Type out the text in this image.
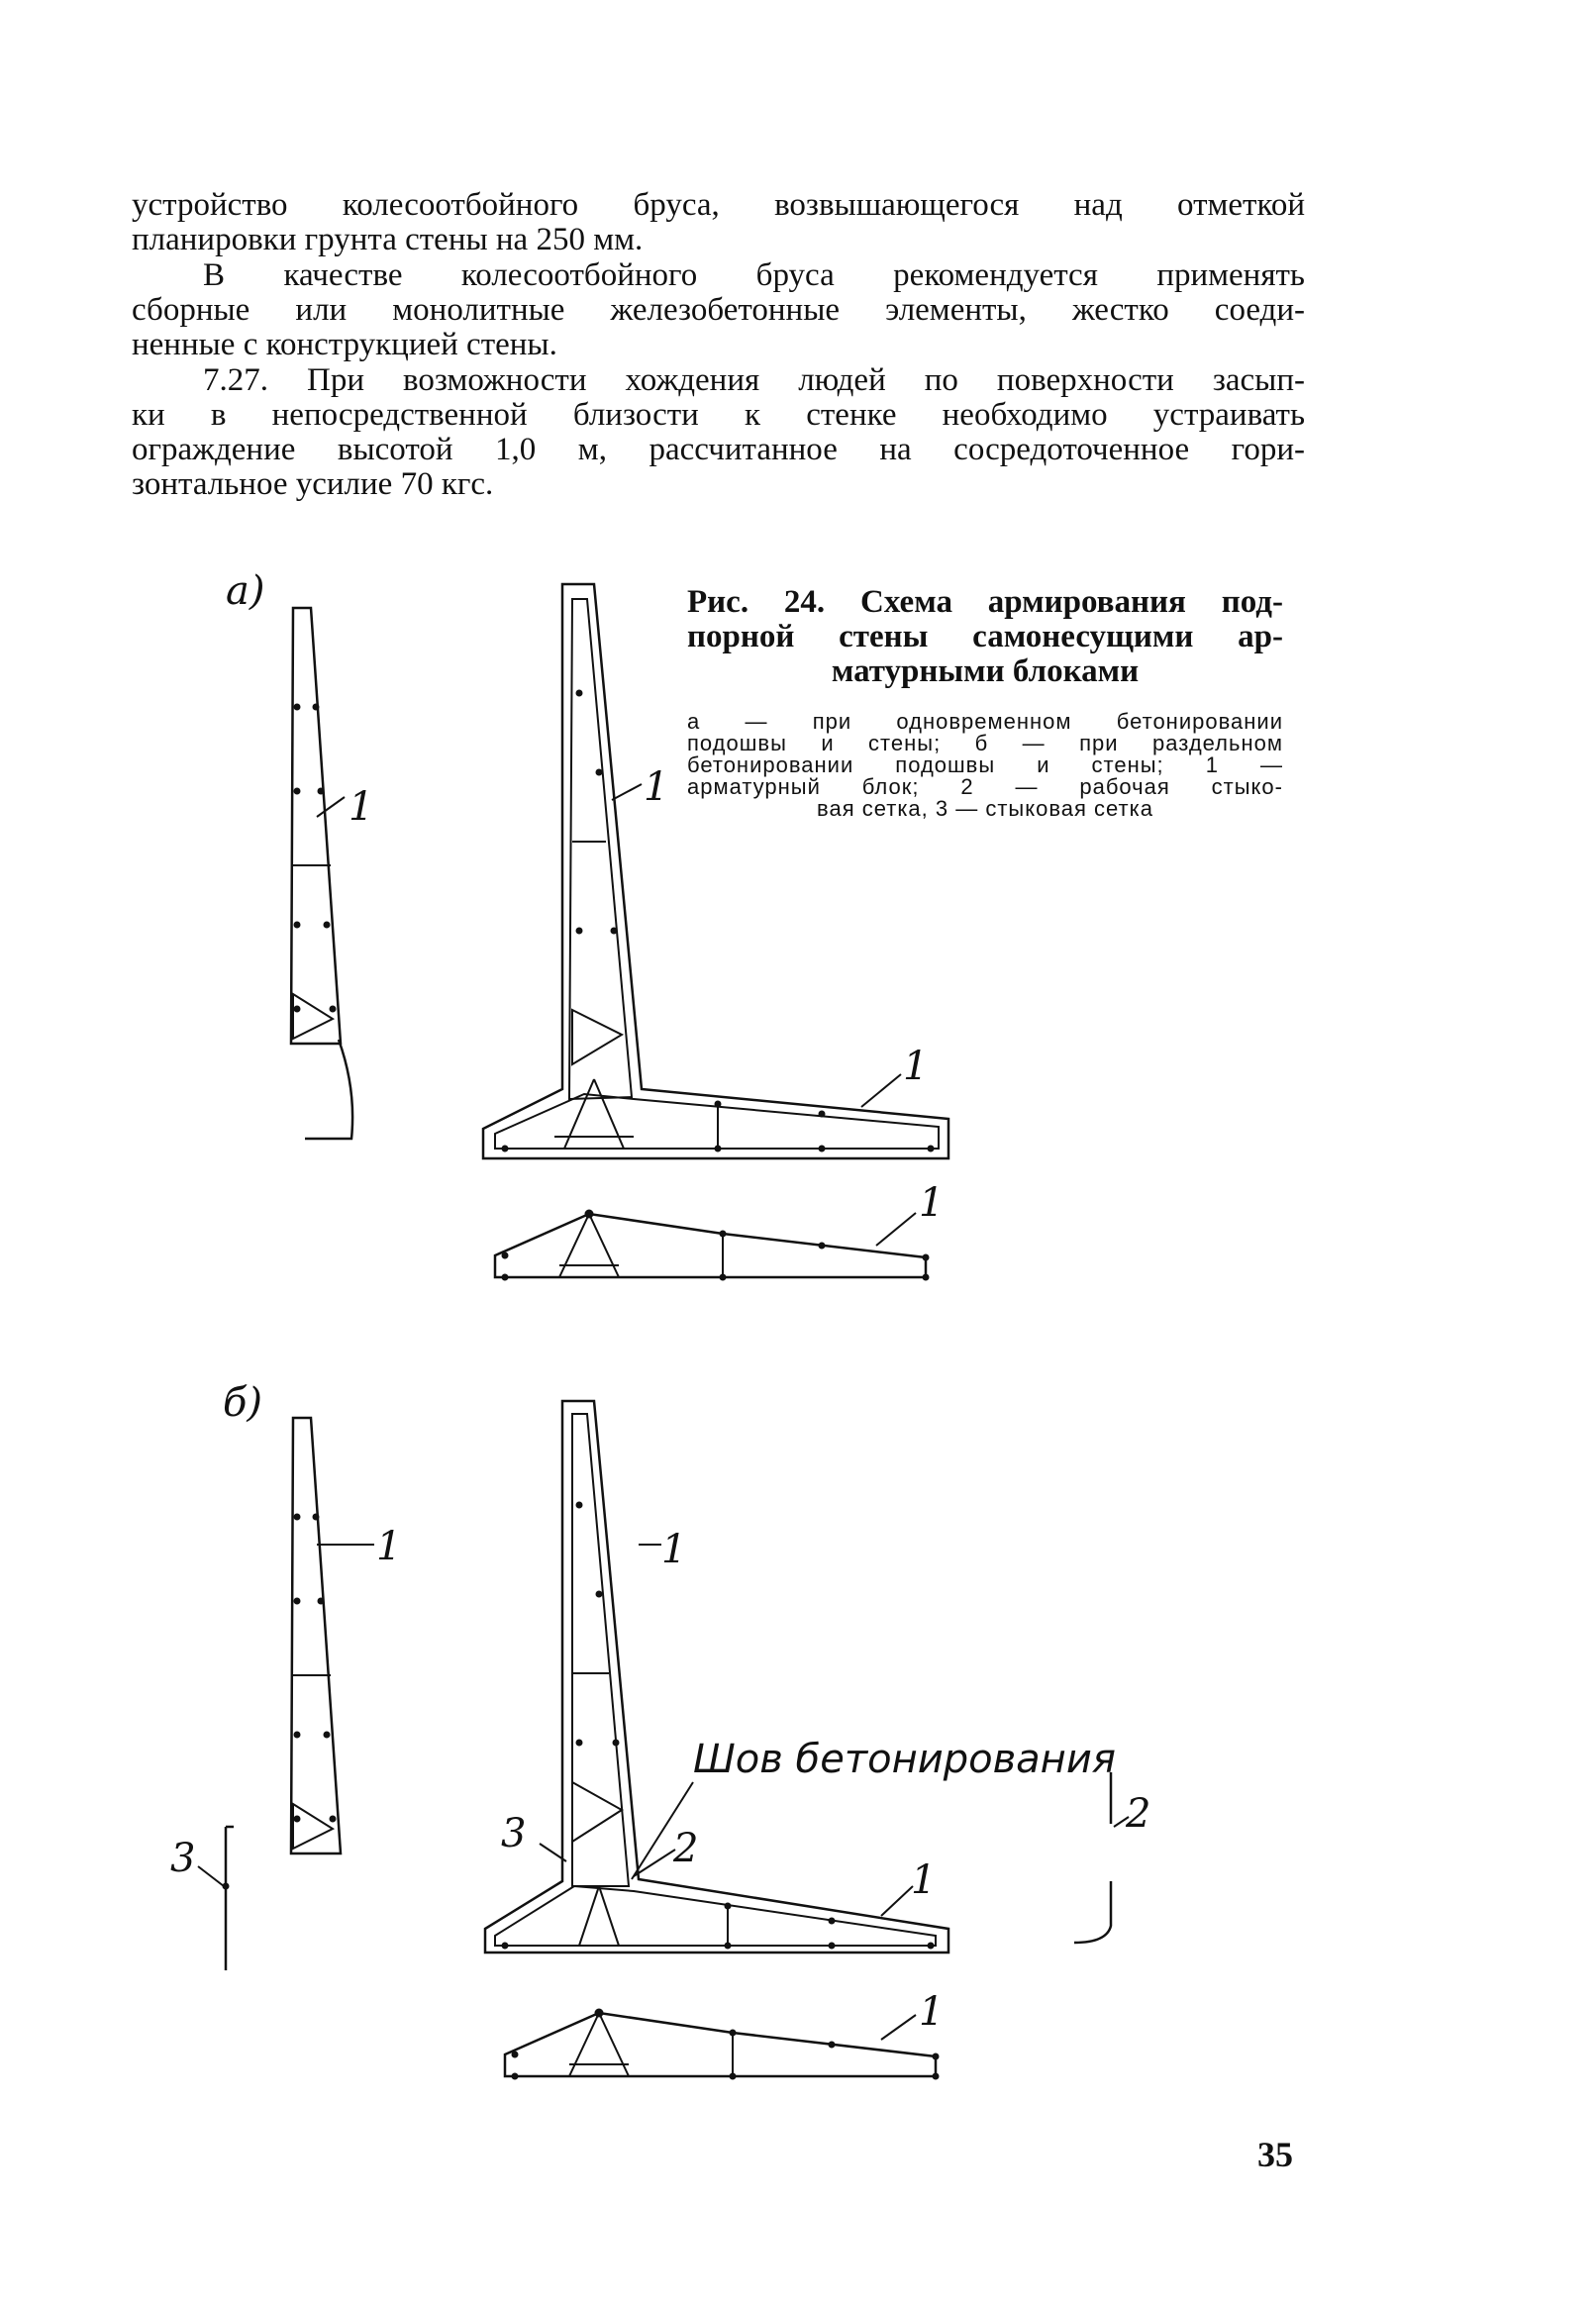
устройство колесоотбойного бруса, возвышающегося над отметкой
планировки грунта стены на 250 мм.
В качестве колесоотбойного бруса рекомендуется применять
сборные или монолитные железобетонные элементы, жестко соеди-
ненные с конструкцией стены.
7.27. При возможности хождения людей по поверхности засып-
ки в непосредственной близости к стенке необходимо устраивать
ограждение высотой 1,0 м, рассчитанное на сосредоточенное гори-
зонтальное усилие 70 кгс.
Рис. 24. Схема армирования под-
порной стены самонесущими ар-
матурными блоками
а — при одновременном бетонировании
подошвы и стены; б — при раздельном
бетонировании подошвы и стены; 1 —
арматурный блок; 2 — рабочая стыко-
вая сетка, 3 — стыковая сетка
а)
1	1
1
1
б)
1
3
1
3	2
Шов бетонирования
1
2
1
35
